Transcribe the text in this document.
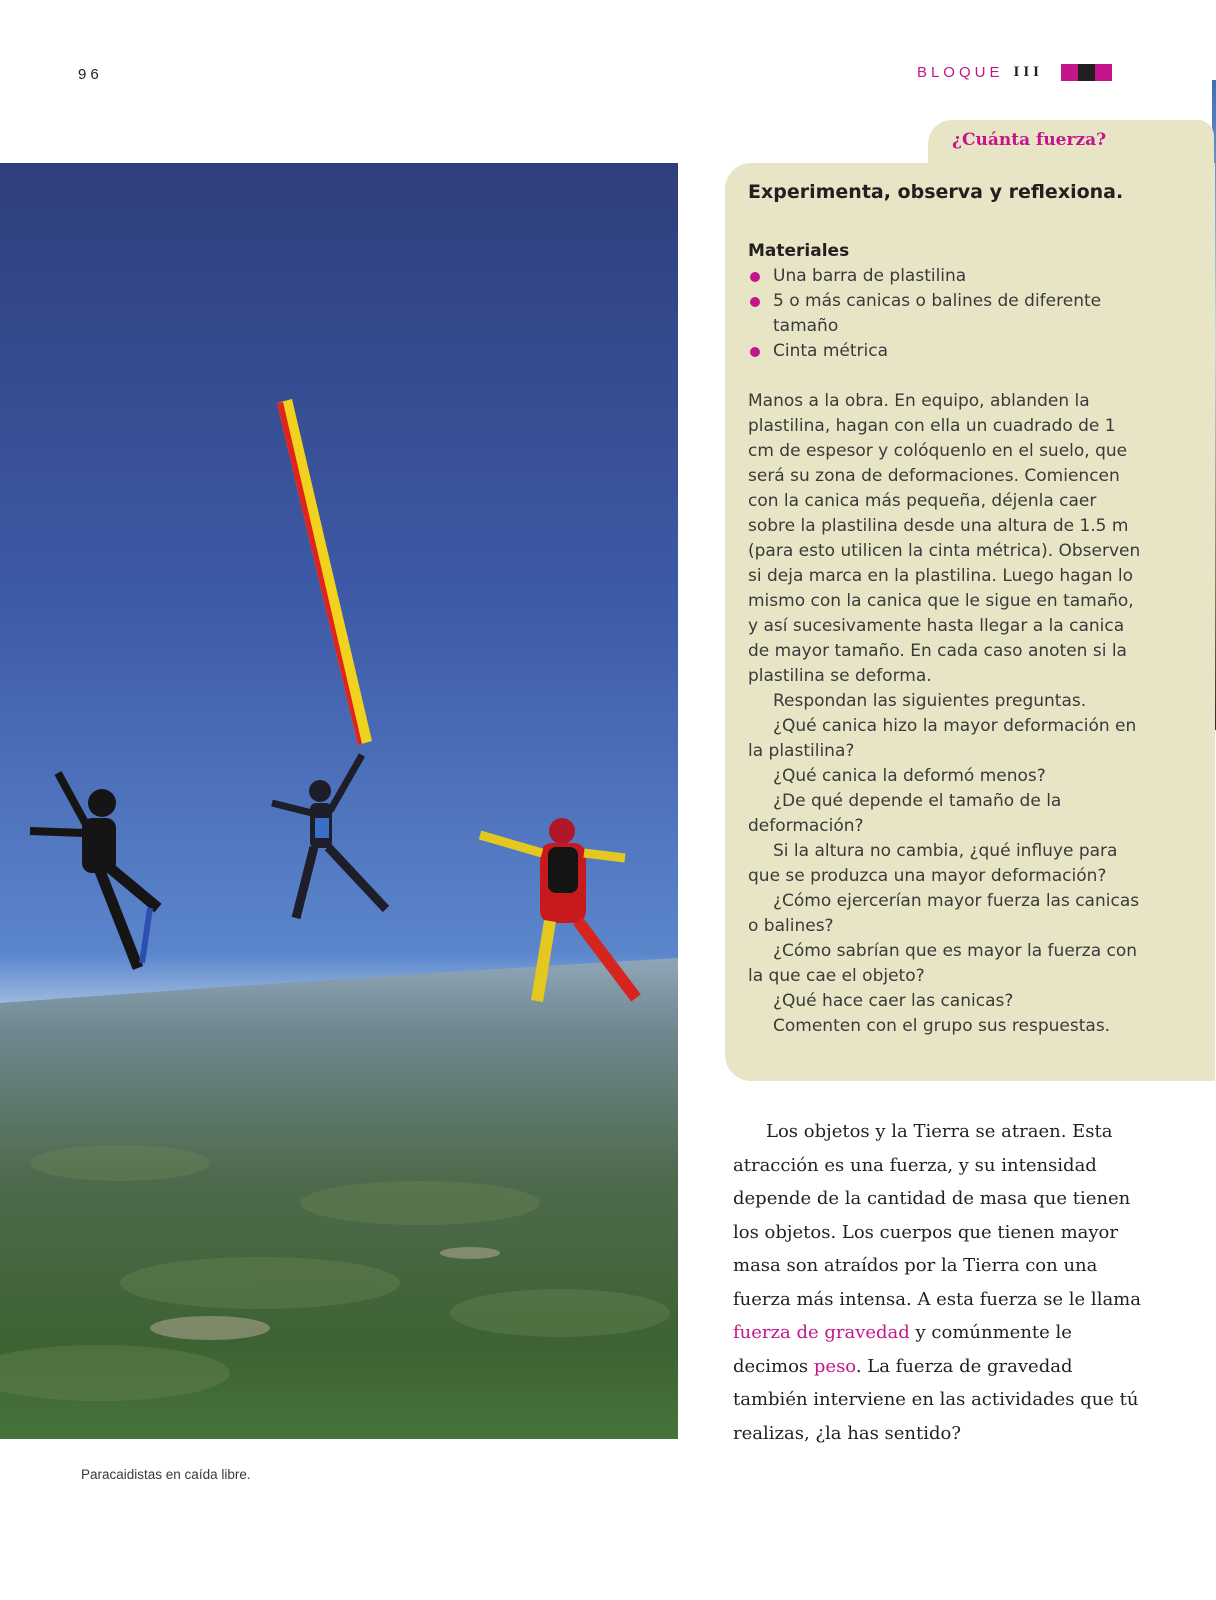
96	BLOQUE III
Paracaidistas en caída libre.
¿Cuánta fuerza?

Experimenta, observa y reflexiona.

Materiales

Una barra de plastilina
5 o más canicas o balines de diferente tamaño
Cinta métrica

Manos a la obra. En equipo, ablanden la plastilina, hagan con ella un cuadrado de 1 cm de espesor y colóquenlo en el suelo, que será su zona de deformaciones. Comiencen con la canica más pequeña, déjenla caer sobre la plastilina desde una altura de 1.5 m (para esto utilicen la cinta métrica). Observen si deja marca en la plastilina. Luego hagan lo mismo con la canica que le sigue en tamaño, y así sucesivamente hasta llegar a la canica de mayor tamaño. En cada caso anoten si la plastilina se deforma.

Respondan las siguientes preguntas.

¿Qué canica hizo la mayor deformación en la plastilina?

¿Qué canica la deformó menos?

¿De qué depende el tamaño de la deformación?

Si la altura no cambia, ¿qué influye para que se produzca una mayor deformación?

¿Cómo ejercerían mayor fuerza las canicas o balines?

¿Cómo sabrían que es mayor la fuerza con la que cae el objeto?

¿Qué hace caer las canicas?

Comenten con el grupo sus respuestas.

Los objetos y la Tierra se atraen. Esta atracción es una fuerza, y su intensidad depende de la cantidad de masa que tienen los objetos. Los cuerpos que tienen mayor masa son atraídos por la Tierra con una fuerza más intensa. A esta fuerza se le llama fuerza de gravedad y comúnmente le decimos peso. La fuerza de gravedad también interviene en las actividades que tú realizas, ¿la has sentido?
